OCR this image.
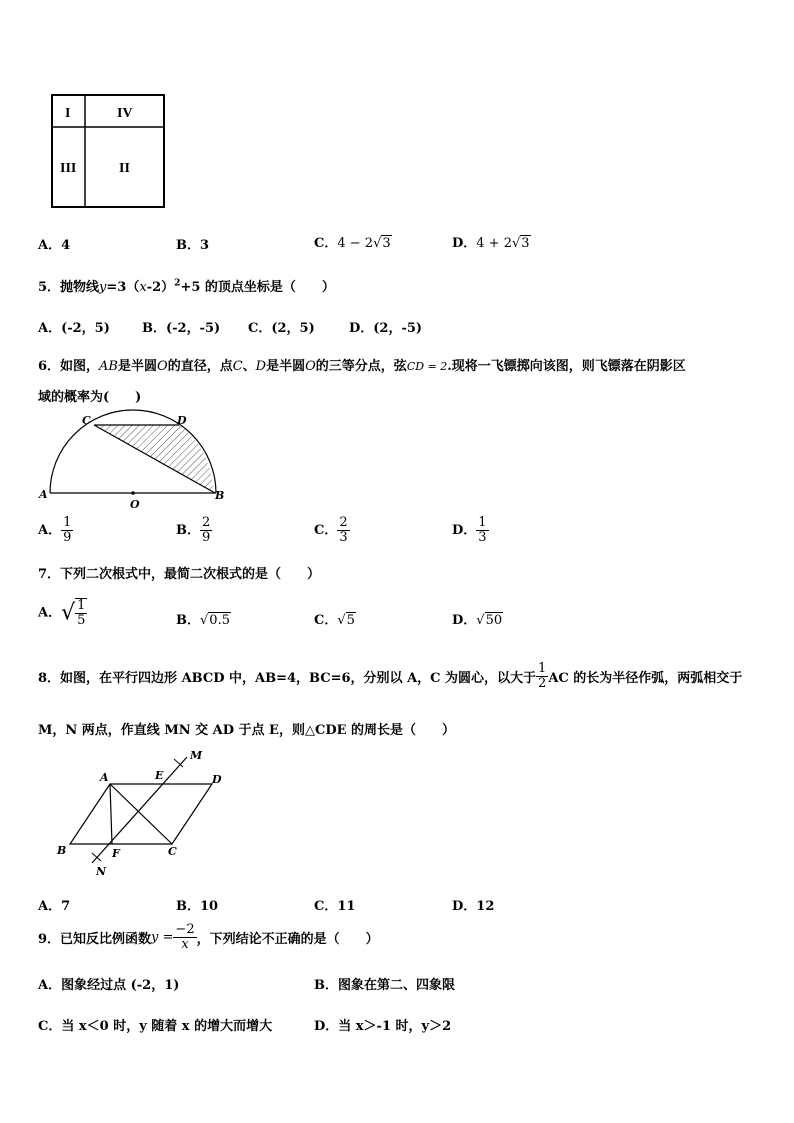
I	IV
III	II
A．4	B．3	C．4 − 2√3	D．4 + 2√3
5．抛物线$y=3(x-2)^2+5$ 的顶点坐标是（　　）
A．(-2，5) B．(-2，-5) C．(2，5)	D．(2，-5)
6．如图，AB是半圆O的直径，点C、D是半圆O的三等分点，弦CD = 2.现将一飞镖掷向该图，则飞镖落在阴影区
域的概率为(　　)
C	D
A
O
B
A． $\frac{1}{9}$	B． $\frac{2}{9}$	C． $\frac{2}{3}$	D． $\frac{1}{3}$
7．下列二次根式中，最简二次根式的是（　　）
A．√ $\frac{1}{5}$	B．√0.5	C．√5	D．√50
8．如图，在平行四边形 ABCD 中，AB=4，BC=6，分别以 A，C 为圆心，以大于 $\frac{1}{2}$ AC 的长为半径作弧，两弧相交于
M，N 两点，作直线 MN 交 AD 于点 E，则△CDE 的周长是（　　）
A	E
M
D
B	F	C
N
A．7	B．10	C．11	D．12
9．已知反比例函数$y = \frac{-2}{x}$ ，下列结论不正确的是（　　）
A．图象经过点 (-2，1)	B．图象在第二、四象限
C．当 x＜0 时，y 随着 x 的增大而增大	D．当 x＞-1 时，y＞2
